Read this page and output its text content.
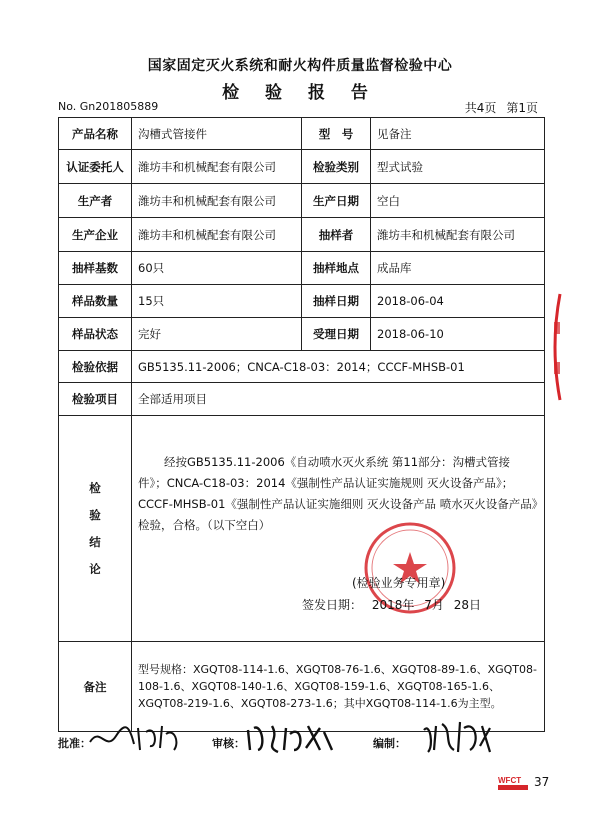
国家固定灭火系统和耐火构件质量监督检验中心
检 验 报 告
No. Gn201805889	共4页 第1页
产品名称	沟槽式管接件	型　号	见备注
认证委托人	潍坊丰和机械配套有限公司	检验类别	型式试验
生产者	潍坊丰和机械配套有限公司	生产日期	空白
生产企业	潍坊丰和机械配套有限公司	抽样者	潍坊丰和机械配套有限公司
抽样基数	60只	抽样地点	成品库
样品数量	15只	抽样日期	2018-06-04
样品状态	完好	受理日期	2018-06-10
检验依据	GB5135.11-2006；CNCA-C18-03：2014；CCCF-MHSB-01		
检验项目	全部适用项目		

检
验
结
论	经按GB5135.11-2006《自动喷水灭火系统 第11部分：沟槽式管接件》；CNCA-C18-03：2014《强制性产品认证实施规则 灭火设备产品》；CCCF-MHSB-01《强制性产品认证实施细则 灭火设备产品 喷水灭火设备产品》检验，合格。（以下空白）		

备注	型号规格：XGQT08-114-1.6、XGQT08-76-1.6、XGQT08-89-1.6、XGQT08-108-1.6、XGQT08-140-1.6、XGQT08-159-1.6、XGQT08-165-1.6、XGQT08-219-1.6、XGQT08-273-1.6；其中XGQT08-114-1.6为主型。		
(检验业务专用章)
签发日期： 2018年 7月 28日
批准：	审核：	编制：
WFCT 37
